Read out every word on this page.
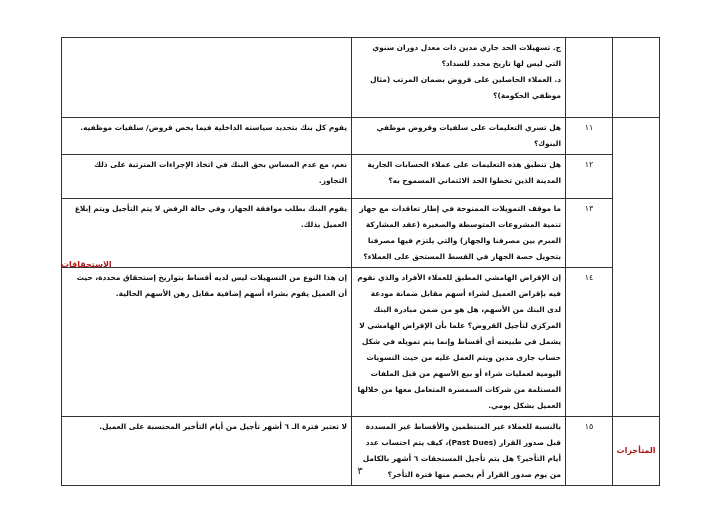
		ج. تسهيلات الحد جاري مدين ذات معدل دوران سنوي التي ليس لها تاريخ محدد للسداد؟
د. العملاء الحاصلين على قروض بضمان المرتب (مثال موظفي الحكومة)؟	

	١١	هل تسري التعليمات على سلفيات وقروض موظفي البنوك؟	يقوم كل بنك بتحديد سياسته الداخلية فيما يخص قروض/ سلفيات موظفيه.
	١٢	هل تنطبق هذه التعليمات على عملاء الحسابات الجارية المدينة الذين تخطوا الحد الائتماني المسموح به؟	نعم، مع عدم المساس بحق البنك في اتخاذ الإجراءات المترتبة على ذلك التجاوز.
	١٣	ما موقف التمويلات الممنوحة في إطار تعاقدات مع جهاز تنمية المشروعات المتوسطة والصغيرة (عقد المشاركة المبرم بين مصرفنا والجهاز) والتي يلتزم فيها مصرفنا بتحويل حصة الجهاز في القسط المستحق على العملاء؟	يقوم البنك بطلب موافقة الجهاز، وفي حالة الرفض لا يتم التأجيل ويتم إبلاغ العميل بذلك.
	١٤	إن الإقراض الهامشي المطبق للعملاء الأفراد والذي نقوم فيه بإقراض العميل لشراء أسهم مقابل ضمانة مودعة لدى البنك من الأسهم، هل هو من ضمن مبادرة البنك المركزي لتأجيل القروض؟ علما بأن الإقراض الهامشي لا يشمل في طبيعته أي أقساط وإنما يتم تمويله في شكل حساب جارى مدين ويتم العمل عليه من حيث التسويات اليومية لعمليات شراء أو بيع الأسهم من قبل الملفات المستلمة من شركات السمسرة المتعامل معها من خلالها العميل بشكل يومي.	إن هذا النوع من التسهيلات ليس لديه أقساط بتواريخ إستحقاق محددة، حيث أن العميل يقوم بشراء أسهم إضافية مقابل رهن الأسهم الحالية.
المتأخرات	١٥	بالنسبة للعملاء غير المنتظمين والأقساط غير المسددة قبل صدور القرار (Past Dues)، كيف يتم احتساب عدد أيام التأخير؟ هل يتم تأجيل المستحقات ٦ أشهر بالكامل من يوم صدور القرار أم يخصم منها فترة التأخر؟	لا تعتبر فترة الـ ٦ أشهر تأجيل من أيام التأخير المحتسبة على العميل.
الاستحقاقات
٣
